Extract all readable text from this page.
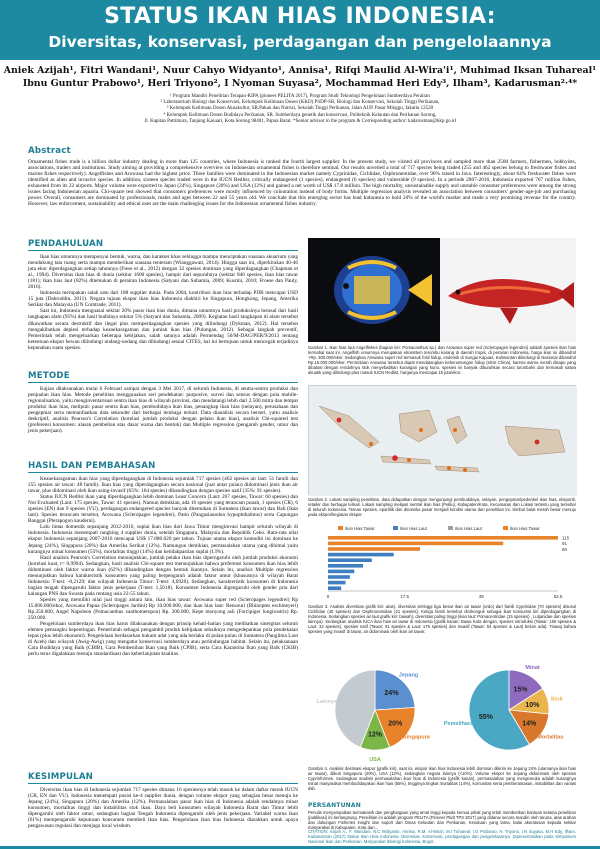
STATUS IKAN HIAS INDONESIA:
Diversitas, konservasi, perdagangan dan pengelolaannya
Aniek Azijah¹, Fitri Wandani¹, Nuur Cahyo Widyanto¹, Annisa¹, Rifqi Maulid Al-Wira'i¹, Muhimad Iksan Tuhareal¹
Ibnu Guntur Prabowo¹, Heri Triyono², I Nyoman Suyasa², Mochammad Heri Edy³, Ilham³, Kadarusman²·⁴*
¹ Program Mandiri Penelitian Terapan-KIPA (pioneer PELITA 2017), Program Studi Teknologi Pengelolaan Sumberdaya Perairan
² Laboratorium Biologi dan Konservasi, Kelompok Keilmuan Dosen (KKD) PSDP-SR, Biologi dan Konservasi, Sekolah Tinggi Perikanan,
³ Kelompok Keilmuan Dosen Akuakultur, SR.Pakan dan Nutrisi, Sekolah Tinggi Perikanan, Jalan AUP. Pasar Minggu, Jakarta 12520
⁴ Kelompok Keilmuan Dosen Budidaya Perikanan, SR. Sumberdaya genetik dan konservasi, Politeknik Kelautan dan Perikanan Sorong,
Jl. Kapitan Pattimura, Tanjung Kasuari, Kota Sorong 98401, Papua Barat. *Senior advisor to the program & Corresponding author: kadarusman@kkp.go.id
Abstract
Ornamental fishes trade is a billion dollar industry dealing in more than 125 countries, where Indonesia is ranked the fourth largest supplier. In the present study, we visited all provinces and sampled more than 2500 farmers, fishermen, hobbyists, associations, traders and institutions. Study aiming at providing a comprehensive overview on Indonesian ornamental fishes is therefore seminal. Our results unveiled a total of 717 species being traded (255 and 462 species belong to freshwater fishes and marine fishes respectively). Angelfishes and Arowana had the highest price. Three families were dominated in the Indonesian market namely Cyprinidae, Cichlidae, Osphronemidae, over 90% raised in Java. Interestingly, about 64% freshwater fishes were identified as alien and invasive species. In addition, sixteen species traded were in the IUCN Redlist, critically endangered (1 species), endangered (6 species) and vulnerable (9 species). In a periode 2007-2016, Indonesia exported 707 million fishes, exhausted from its 22 airports. Major volume were exported to Japan (24%), Singapore (20%) and USA (12%) and gained a net worth of US$ 17.8 million. The high mortality, unsustainable supply and unstable consumer preferences were among the strong issues facing Indonesian aquaria. Chi-square test showed that consumers preferences were mostly influenced by colouration instead of body forms. Multiple regression analysis revealed an association between consumers' gender-age-job and purchasing power. Overall, consumers are dominated by professionals, males and ages between 22 and 55 years old. We conclude that this emerging sector has lead Indonesia to hold 20% of the world's market and made a very promising revenue for the country. However, law enforcement, sustainability and ethical uses are the main challenging issues for the Indonesian ornamental fishes industry.
PENDAHULUAN

Ikan hias umumnya mempunyai bentuk, warna, dan karakter khas sehingga mampu menciptakan suasana akuarium yang mendukung tata ruang serta mampu memberikan suasana tenteram (Wianggawati, 2014). Hingga saat ini, diperkirakan 40-46 juta ekor diperdagangkan setiap tahunnya (Fiese et al., 2012) dengan 32 spesies dominan yang diperdagangkan (Chapman et al., 1994). Diversitas ikan hias di dunia (sekitar 1600 spesies), hampir dari sepuruhnya (sekitar 846 spesies, ikan hias tawar (181); ikan hias laut (82%) ditemukan di perairan Indonesia (Satyani dan Subamia, 2009; Kusrini, 2010; Froese dan Pauly, 2016).

Indonesia merupakan salah satu dari 188 supplier dunia. Pada 2004, kontribusi ikan hias terhadap PDB mencapai USD 15 juta (Dahruddin, 2011). Negara tujuan ekspor ikan hias Indonesia diakhiri ke Singapura, Hongkong, Jepang, Amerika Serikat dan Malaysia (UN Comtrade, 2011).

Saat ini, Indonesia menguasai sekitar 20% pasar ikan hias dunia, dimana umumnya hasil produksinya berasal dari hasil tangkapan alam (95%) dan hasil budidaya sekitar 5% (Satyani dan Subamia, 2009). Kegiatan hasil tangkapan di alam tersebut dikawatkan secara destruktif dan ilegal plus memperdagangkan spesies yang dilindungi (Dykman, 2012). Hal tersebut mengakibatkan deplesi terhadap keanekaragaman dan jumlah ikan hias (Pulungan, 2012). Sebagai langkah preventif, Pemerintah telah mengeluarkan beberapa kebijakan, salah satunya adalah Permendag 50/M-DAG/PER/9/2013 tentang ketentuan ekspor hewan dilindungi undang-undang dan dilindungi sesuai CITES, hal ini bertujuan untuk mencegah terjadinya kepunahan suatu spesies.

METODE

Kajian dilaksanakan mulai 6 Februari sampai dengan 3 Mei 2017, di seluruh Indonesia, di sentra-sentra produksi dan penjualan ikan hias. Metode penelitian menggunakan seri pendekatan: purposive, survei dan sensus dengan pola mobile-regionalisation, yaitu menginventarisasi sentra ikan hias di wilayah provinsi, dan mendatangi lebih dari 2.500 mitra dan tempat produksi ikan hias, meliputi: pasar sentra ikan hias, pembudidaya ikan hias, penangkap ikan hias (nelayan), perusahaan dan pengepmar serta memanfaatkan data sekunder dari berbagai lembaga terkait. Data dianalisis secara berseri, yaitu analisis deskriptif, analisis Pearson's Correlation (korelasi jumlah produksi dengan pelaku ikan hias), analisis Chi-squared test (preferensi konsumen: alasan pembelian atas dasar warna dan bentuk) dan Multiple regression (pengaruh gender, umur dan jenis pekerjaan).

HASIL DAN PEMBAHASAN

Keanekaragaman ikan hias yang diperdagangkan di Indonesia sejumlah 717 spesies (462 spesies air laut: 51 famili dan 255 spesies air tawar: 48 famili). Ikan hias yang diperdagangkan secara nasional (jual antar pulau) didominasi jenis ikan air tawar, plus didominasi oleh ikan asing-invasif (65%: 164 spesies) dibandingkan dengan spesies natif (35%: 91 spesies).

Status IUCN Redlist ikan yang diperdagangkan lebih dominan Least Concern (Laut: 267 spesies, Tawar: 60 spesies) dan Not Evaluated (Laut: 175 spesies, Tawar: 41 spesies). Namun demikian, ada 16 spesies yang terancam punah, 1 spesies (CR), 6 spesies (EN) dan 9 spesies (VU), perdagangan endangered species banyak ditemukan di Sumatera (ikan tawar) dan Bali (ikan laut). Spesies terancam tersebut, Arowana (Scleropages legendrei), Patin (Pangasianodon hypophthalmus) serta Capungan Banggai (Pterapogon kauderni).

Lalu lintas domestik sepanjang 2012-2016, suplai ikan hias dari Jawa Timur mengimvasi hampir seluruh wilayah di Indonesia. Indonesia menempati rangking 4 supplier dunia, setelah Singapura, Malaysia dan Republik Ceko. Rata-rata nilai ekspor Indonesia sepanjang 2007-2016 mencapai US$ 17.880.620 per tahun. Tujuan utama ekspor komoditi ini dominan ke Jepang (24%), Singapura (20%) dan Amerika Serikat (12%). Namungun demikian, permasalahan utama yang dihimai yaitu kurangnya minat konsumen (55%), mortalitas tinggi (14%) dan ketidakpastian suplai (13%).

Hasil analisis Pearson's Correlation menunjukkan, jumlah pelaku ikan hias diperngaruhi oleh jumlah produksi ekonomi (korelasi kuat, r= 0,9994). Sedangkan, hasil analisis Chi-square test menunjukkan bahwa preferensi konsumen ikan hias lebih didominasi oleh faktor warna ikan (62%) dibandingkan dengan bentuk ikannya. Selain itu, analisis Multiple regression menunjukkan bahwa karakteristik konsumen yang paling berpengaruh adalah faktor umur (khususnya di wilayah Barat Indonesia: T-test: -0,2129; dan wilayah Indonesia Timur: T-test: 4,6920). Sedangkan, karakteristik konsumen di Indonesia bagian tengah dipengaruhi faktor jenis pekerjaan (T-test: 1,5618). Konsumen Indonesia digengaruhi oleh gender pria dari kalangan PNS dan Swasta pada rentang usia 22-55 tahun.

Spesies yang memiliki nilai jual tinggi antara lain, ikan hias tawar: Arowana super red (Scleropages legendrei) Rp 15.000.000/ekor, Arowana Papua (Scleropages Jardini) Rp 10.000.000, dan ikan hias laut: Rensouri (Rhinoptes eschmeyeri) Rp.350.000, Angel Napoleon (Pomacanthus xanthometopon) Rp. 300.000, Kepe monyong asli (Forcipiger longirostris) Rp. 250.000.

Pengelolaan sumberdaya ikan hias harus dilaksanakan dengan prinsip kehati-hatian yang melibatkan sinergitas seluruh elemen pemangku kepentingan. Pemerintah sebagai pengambil produk kebijakan sebaiknya mengedepankan pola pendekatan lepas (plus lebih ekonomi). Pengelolaan berdasarkan hukum adat yang ada berlaku di pulau-pulau di Sumatera (Panglima Laot di Aceh) dan wilayah (Awig-Awig) yang mengatur konservasi sumberdaya atau perlindungan habitat. Selain itu, pelaksanaan Cara Budidaya yang Baik (CBIB), Cara Pembenihan Ikan yang Baik (CPIB), serta Cara Karantina Ikan yang Baik (CKIB) perlu terus digalakkan menuju standardisasi dan keberlanjutan kualitas.

KESIMPULAN

Diversitas ikan hias di Indonesia sejumlah 717 spesies dimana 16 spesiesnya telah masuk ke dalam daftar merah IUCN (CR, EN dan VU). Indonesia menempati posisi ke-4 supplier dunia, dengan volume ekspor yang sebagian besar menuju ke Jepang (24%), Singapura (20%) dan Amerika (12%). Permasalahan pasar ikan hias di Indonesia adalah rendahnya minat konsumen, mortalitas tinggi dan instabilitas stok ikan. Daya beli konsumen wilayah Indonesia Barat dan Timur lebih dipengaruhi oleh faktor umur, sedangkan bagian Tengah Indonesia dipengaruhi oleh jenis pekerjaan. Variabel warna ikan (61%) mempengaruhi keputusan konsumen membeli ikan hias. Pengelolaan ikan hias Indonesia diarahkan untuk upaya pengawasan regulasi dan menjaga local wisdom.

Gambar 1. Ikan hias laut Angelfishes (bagian kiri: Pomacanthus sp.) dan Arowana super red (Scleropages legendrei) adalah spesies ikan hias termahal saat ini. Angelfish umumnya merupakan ekosistem terumbu karang di daerah tropis, di perairan Indonesia, harga ikan ini dibandrol +Rp. 300.000/ekor. Sedangkan Arowana super red termasuk fosil hidup, endemik di Sungai Kapuas, Kalimantan dilindungi di Nasional dibandrol Rp.15.000.000/ekor. Permintaan Arowana tersebut dapat mendatangkan keberuntungan hidup (etnis China), karena warna merah disapu yang dibatasi dengan rendahnya stok menyebabkan kurangan yang kuno, spesies ini banyak diburuhkan secara turunbahs dan termasuk satwa akuatik yang dilindungi plus masuk IUCN Redlist, harganya mencapai 15 juta/ekor.
Gambar 2. Lokasi sampling penelitian, data didapatkan dengan mengunjungi pembudidaya, nelayan, pengepmar/pedenkel ikan hias, eksportir, retailer dan berbagai terkait. Lokasi sampling meliputi sentral ikan hias (Pelilu), Kabupaten/Kota, Kecamatan dan Lokasi tertentu yang tersebar di seluruh Indonesia. Teman spesies, eparlitik dan dinamika pasar menjadi kondisi utama dari penelitian ini. Simbol bulat merah besar menuju pada ekspor/kegiatan ekspor.
Ikan Hias Tawar	Ikan Hias Laut	Ikan Hias Laut	Ikan Hias Tawar
0	17.5	35	52.5
115
91
60
Gambar 3. Analisis diversitas grafik kiri: atas), diversitas tertinggi tiga besar ikan air tawar (ordo) dari famili Cyprinidae (70 spesies) disusul Cichlidae (40 spesies) dan Osphronemidae (21 spesies). Ketiga famili tersebut dirokonguk sebagai ikan konsumsi kiri diperdagangkan di Indonesia. Sedangkan spesies air laut grafik kiri: bawah), diversitas paling tinggi (ikan laut: Pomacentridae (15 spesies) , Lutjanidae dan spesies lainnya). Sedangkan analisis IUCA ikan hias air tawar di Indonesia (grafik kanan: Bawa Kota dengan, spesies introduksi (Tawar: 155 spesies & Laut: 32 spesies), spesies natif (Tawar: 91 spesies & Laut: 175 spesies) dan invasif (Tawar: 54 spesies & Laut) belum ada). Tinaaq bahwa spesies yang invasif di tawar, air didominasi oleh ikan air tawar.
24%
Jepang
20%
Singapura
12%
USA
Lainnya
15%
Minat
10%
Stok
14%
Mortalitas
55%
Pemeliharaan
Gambar 4. Analisis destinasi ekspor (grafik kiri), saat ini, ekspor ikan hias Indonesia lebih dominan dikirim ke Jepang 24% (utamanya ikan hias air tawar), diikuti Singapura (20%), USA (12%), sedangkan negara lainnya (<10%). Volume ekspor ke Jepang didominasi oleh spesies Cyprinformes. Sedangkan analisis permasalahan ikan hias di Indonesia (grafik kanan), permasalahan yang mengemuka adalah kurangnya minat masyarakat membudidayakan ikan hias (55%), tingginya tingkat mortalitas (14%), komunitas serta pemberantasan, instabilitas dan variasi dsb.
PERSANTUNAN
Penulis menyampaikan terimakasih dan penghargaan yang amat tinggi kepada semua pihak yang telah memberikan bantuan selama penelitian (publikasi) ini berlangsung. Penelitian ini adalah program PELITA (Pioneer Pkdt TPS 2017) yang didanai secara mandiri oleh taruna, atas arahan dan dukungan Fisheries insight dan suport dari Dinas Kelautan dan Perikanan, Kesatuan yang lama, balai akeratusan kepada sekitar masyarakat di Kabupaten, Kota dan...
CITATION: Azijah A., F. Wandani, N.C Widyanto, Annisa, R.M. Al-Wira'i, M.I Tuhareal, I.G Prabowo, H. Triyono, I.N Suyasa, M.H Edy, Ilham, Kadarusman (2017) Status Ikan Hias Indonesia: Diversitas, konservasi, perdagangan dan pengelolaannya. Dipresentasikan pada Simposium Nasional Ikan dan Perikanan, Masyarakat Iktiologi Indonesia, Bogor.
